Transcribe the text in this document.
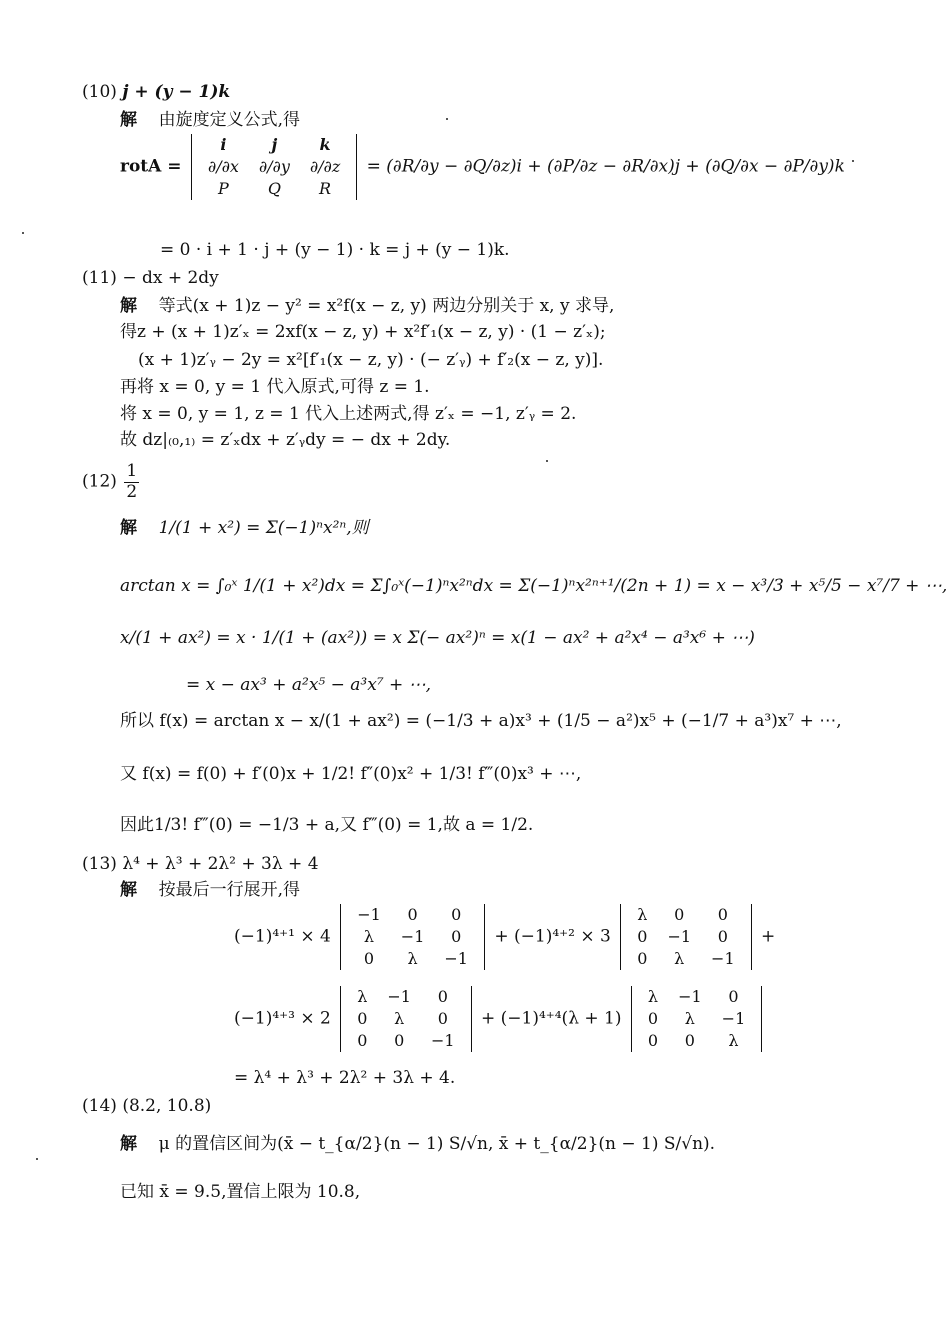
(10) j + (y − 1)k
解 由旋度定义公式,得
rotA =
i	j	k
∂/∂x	∂/∂y	∂/∂z
P	Q	R
= (∂R/∂y − ∂Q/∂z)i + (∂P/∂z − ∂R/∂x)j + (∂Q/∂x − ∂P/∂y)k
= 0 · i + 1 · j + (y − 1) · k = j + (y − 1)k.
(11) − dx + 2dy
解 等式(x + 1)z − y² = x²f(x − z, y) 两边分别关于 x, y 求导,
得z + (x + 1)z′ₓ = 2xf(x − z, y) + x²f′₁(x − z, y) · (1 − z′ₓ);
(x + 1)z′ᵧ − 2y = x²[f′₁(x − z, y) · (− z′ᵧ) + f′₂(x − z, y)].
再将 x = 0, y = 1 代入原式,可得 z = 1.
将 x = 0, y = 1, z = 1 代入上述两式,得 z′ₓ = −1, z′ᵧ = 2.
故 dz|₍₀,₁₎ = z′ₓdx + z′ᵧdy = − dx + 2dy.
$(12) \frac{1}{2}$
解 1/(1 + x²) = Σ(−1)ⁿx²ⁿ,则
arctan x = ∫₀ˣ 1/(1 + x²)dx = Σ∫₀ˣ(−1)ⁿx²ⁿdx = Σ(−1)ⁿx²ⁿ⁺¹/(2n + 1) = x − x³/3 + x⁵/5 − x⁷/7 + ⋯,
x/(1 + ax²) = x · 1/(1 + (ax²)) = x Σ(− ax²)ⁿ = x(1 − ax² + a²x⁴ − a³x⁶ + ⋯)
= x − ax³ + a²x⁵ − a³x⁷ + ⋯,
所以 f(x) = arctan x − x/(1 + ax²) = (−1/3 + a)x³ + (1/5 − a²)x⁵ + (−1/7 + a³)x⁷ + ⋯,
又 f(x) = f(0) + f′(0)x + 1/2! f″(0)x² + 1/3! f‴(0)x³ + ⋯,
因此1/3! f‴(0) = −1/3 + a,又 f‴(0) = 1,故 a = 1/2.
(13) λ⁴ + λ³ + 2λ² + 3λ + 4
解 按最后一行展开,得
(−1)⁴⁺¹ × 4
−1	0	0
λ	−1	0
0	λ	−1
+ (−1)⁴⁺² × 3
λ	0	0
0	−1	0
0	λ	−1
+
(−1)⁴⁺³ × 2
λ	−1	0
0	λ	0
0	0	−1
+ (−1)⁴⁺⁴(λ + 1)
λ	−1	0
0	λ	−1
0	0	λ
= λ⁴ + λ³ + 2λ² + 3λ + 4.
(14) (8.2, 10.8)
解 μ 的置信区间为(x̄ − t_{α/2}(n − 1) S/√n, x̄ + t_{α/2}(n − 1) S/√n).
已知 x̄ = 9.5,置信上限为 10.8,
